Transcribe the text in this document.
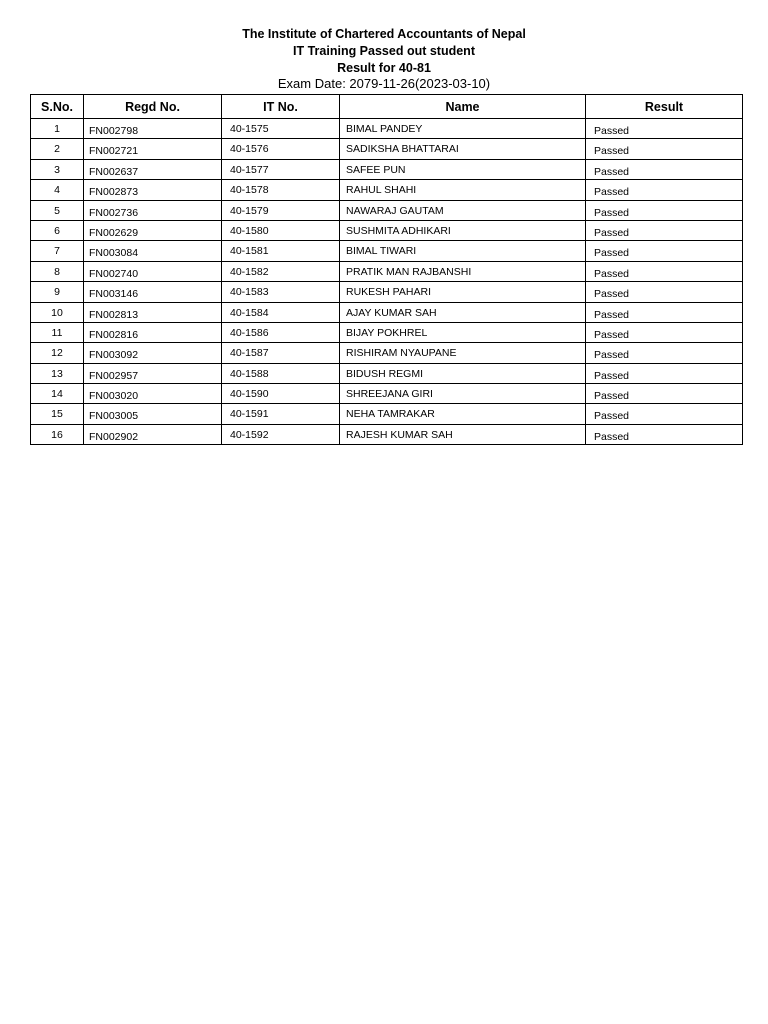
The Institute of Chartered Accountants of Nepal

IT Training Passed out student

Result for 40-81

Exam Date: 2079-11-26(2023-03-10)

S.No.	Regd No.	IT No.	Name	Result
1	FN002798	40-1575	BIMAL PANDEY	Passed
2	FN002721	40-1576	SADIKSHA BHATTARAI	Passed
3	FN002637	40-1577	SAFEE PUN	Passed
4	FN002873	40-1578	RAHUL SHAHI	Passed
5	FN002736	40-1579	NAWARAJ GAUTAM	Passed
6	FN002629	40-1580	SUSHMITA ADHIKARI	Passed
7	FN003084	40-1581	BIMAL TIWARI	Passed
8	FN002740	40-1582	PRATIK MAN RAJBANSHI	Passed
9	FN003146	40-1583	RUKESH PAHARI	Passed
10	FN002813	40-1584	AJAY KUMAR SAH	Passed
11	FN002816	40-1586	BIJAY POKHREL	Passed
12	FN003092	40-1587	RISHIRAM NYAUPANE	Passed
13	FN002957	40-1588	BIDUSH REGMI	Passed
14	FN003020	40-1590	SHREEJANA GIRI	Passed
15	FN003005	40-1591	NEHA TAMRAKAR	Passed
16	FN002902	40-1592	RAJESH KUMAR SAH	Passed
